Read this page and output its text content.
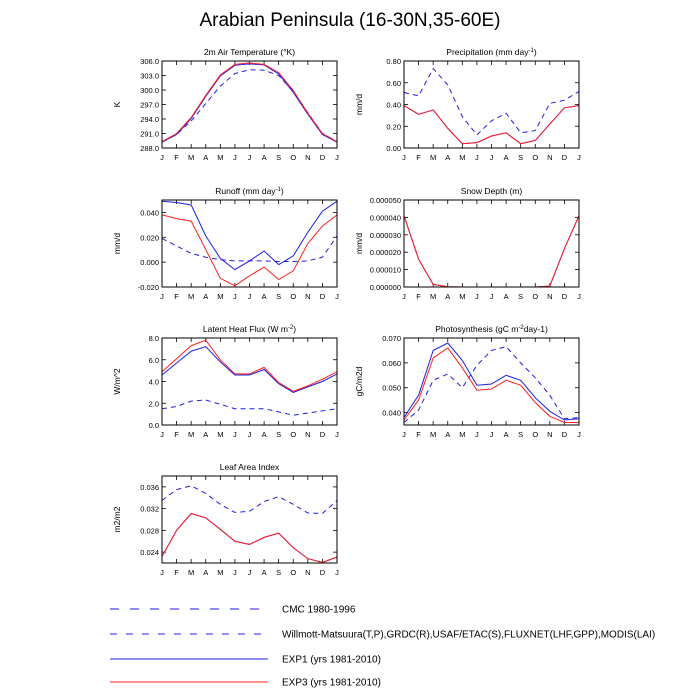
Arabian Peninsula (16-30N,35-60E)
2m Air Temperature (°K)
K
288.0
291.0
294.0
297.0
300.0
303.0
306.0
J F M A M J J A S O N D J
Precipitation (mm day$^{-1}$)
mm/d
0.00
0.20
0.40
0.60
0.80
J F M A M J J A S O N D J
Runoff (mm day$^{-1}$)
mm/d
-0.020
0.000
0.020
0.040
J F M A M J J A S O N D J
Snow Depth (m)
mm/d
0.000000
0.000010
0.000020
0.000030
0.000040
0.000050
J F M A M J J A S O N D J
Latent Heat Flux (W $m^{-2}$)
W/m^2
0.0
2.0
4.0
6.0
8.0
J F M A M J J A S O N D J
Photosynthesis (gC $m^{-2}day-1$)
gC/m2d
0.040
0.050
0.060
0.070
J F M A M J J A S O N D J
Leaf Area Index
m2/m2
0.024
0.028
0.032
0.036
J F M A M J J A S O N D J
CMC 1980-1996
Willmott-Matsuura(T,P),GRDC(R),USAF/ETAC(S),FLUXNET(LHF,GPP),MODIS(LAI)
EXP1 (yrs 1981-2010)
EXP3 (yrs 1981-2010)
